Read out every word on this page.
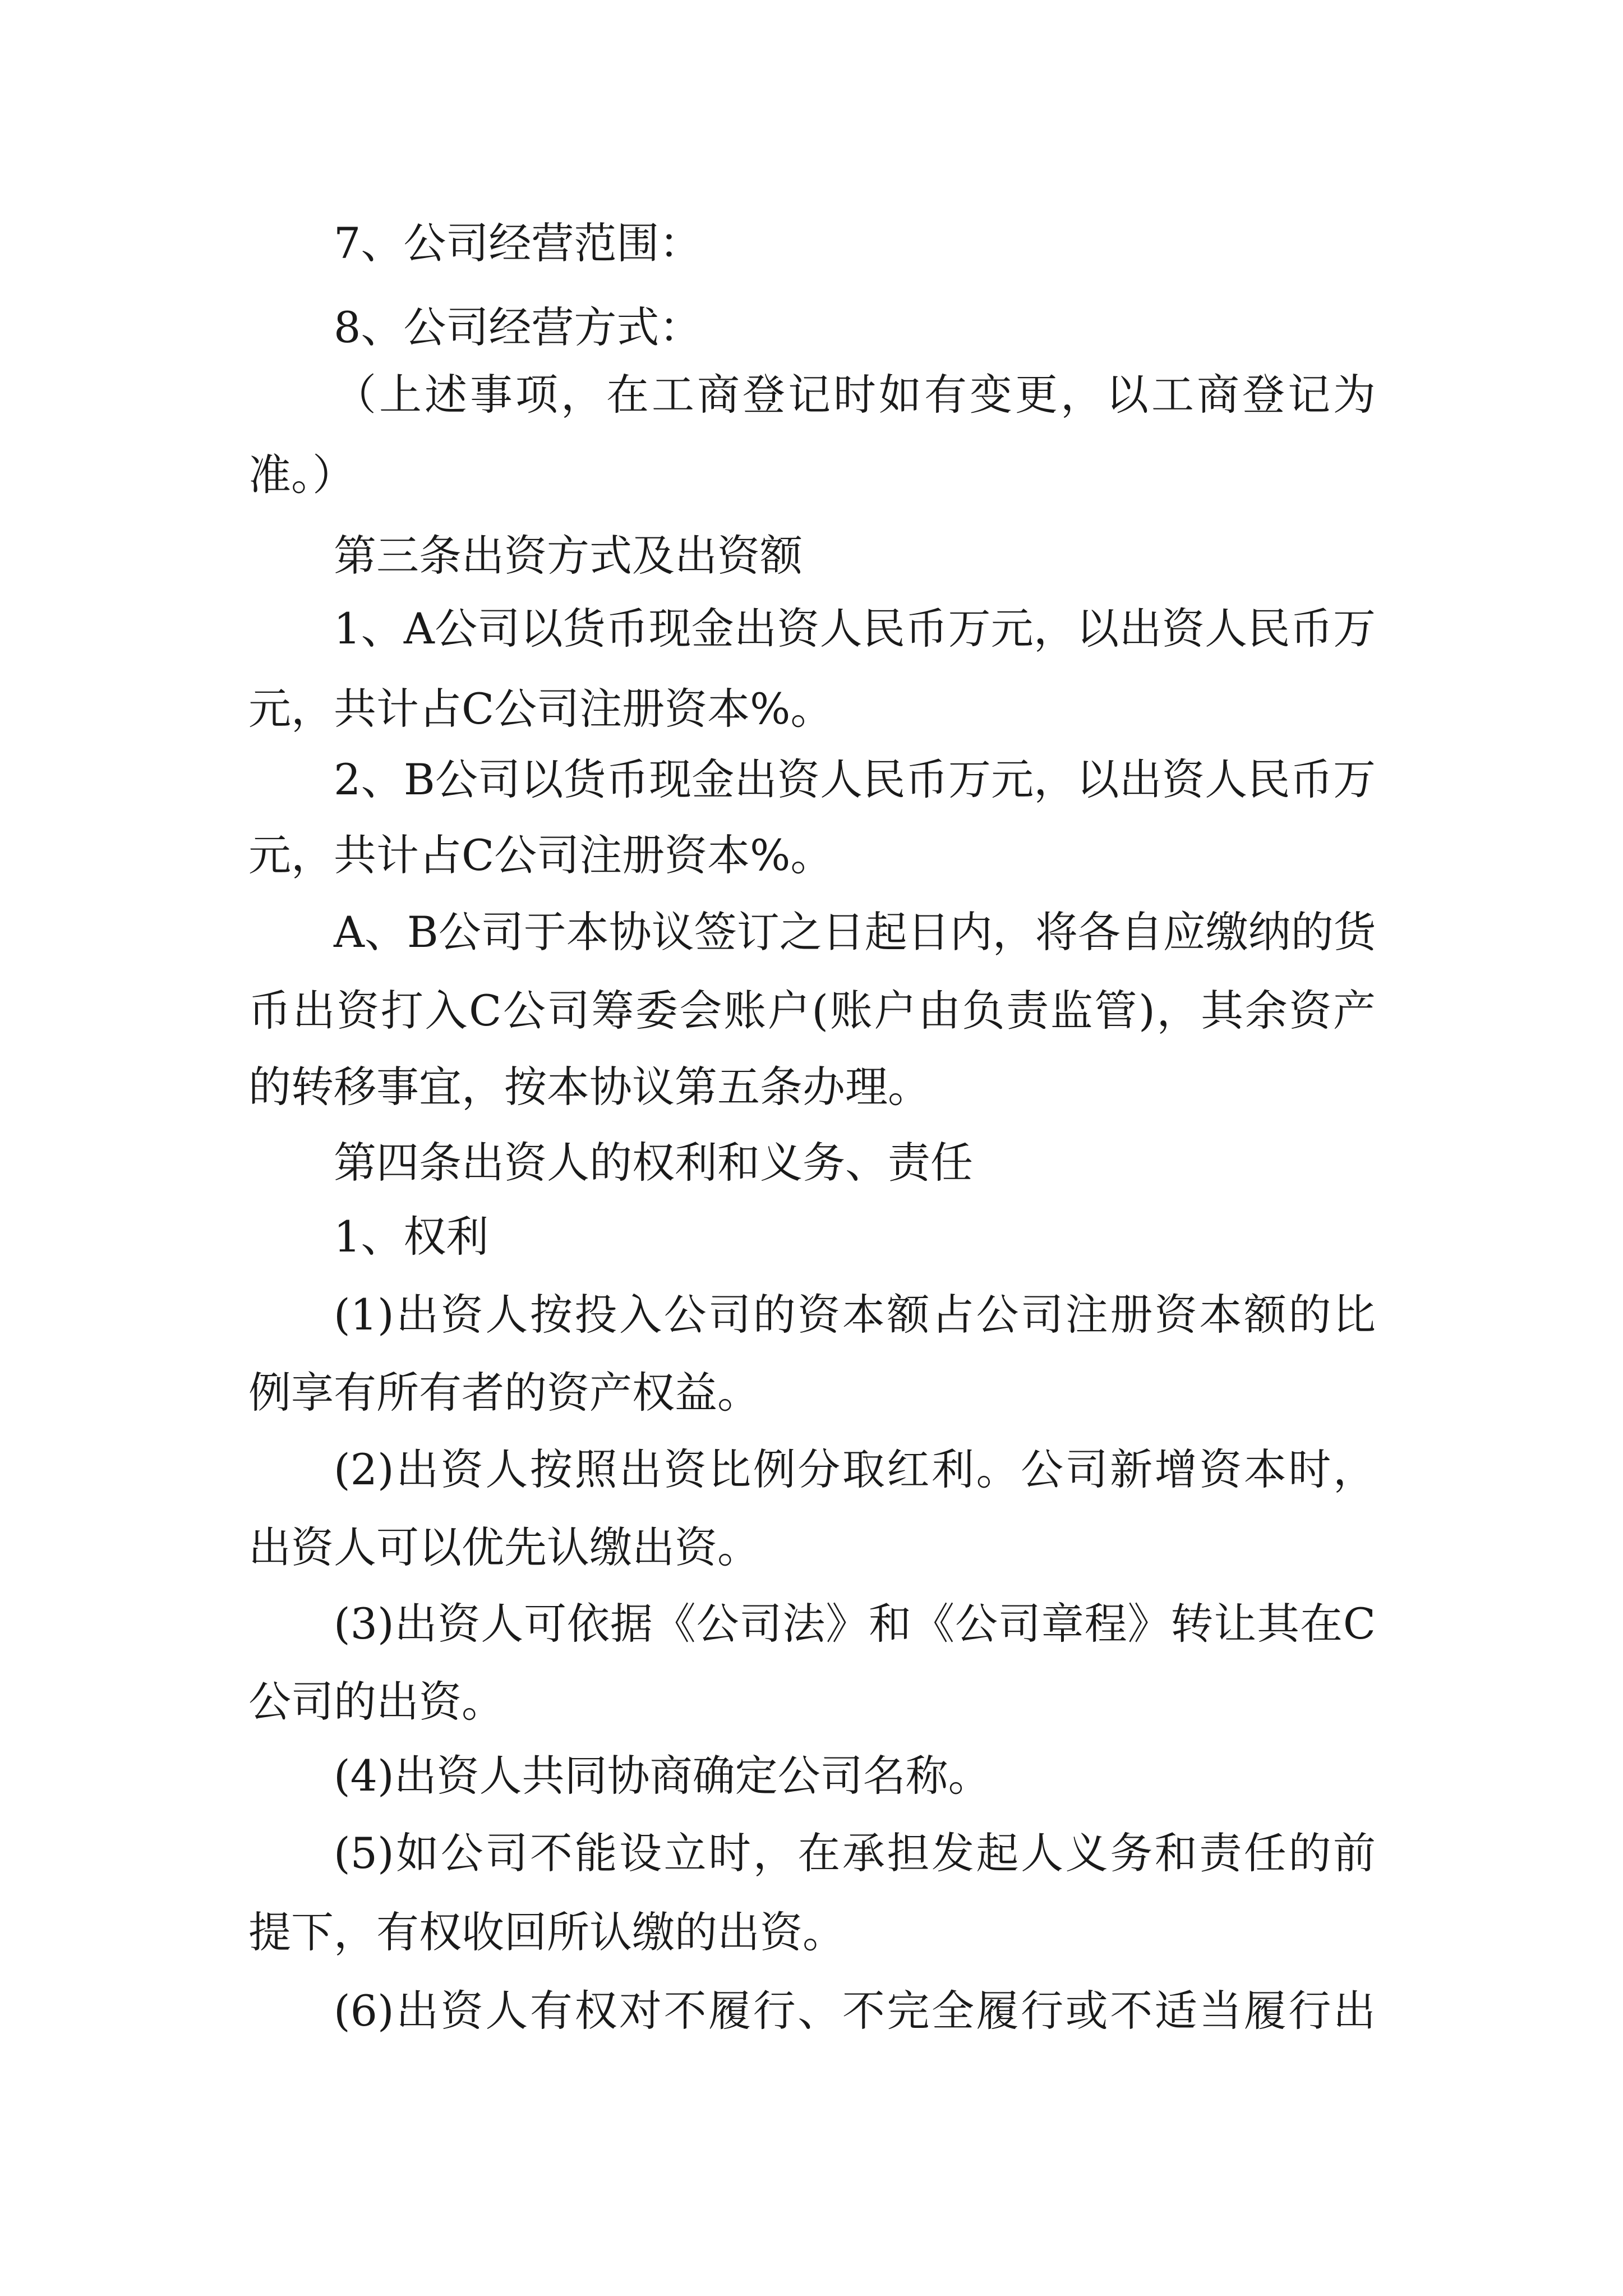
7、公司经营范围：

8、公司经营方式：

（上述事项，在工商登记时如有变更，以工商登记为

准。）

第三条出资方式及出资额

1、A公司以货币现金出资人民币万元，以出资人民币万

元，共计占C公司注册资本%。

2、B公司以货币现金出资人民币万元，以出资人民币万

元，共计占C公司注册资本%。

A、B公司于本协议签订之日起日内，将各自应缴纳的货

币出资打入C公司筹委会账户(账户由负责监管)，其余资产

的转移事宜，按本协议第五条办理。

第四条出资人的权利和义务、责任

1、权利

(1)出资人按投入公司的资本额占公司注册资本额的比

例享有所有者的资产权益。

(2)出资人按照出资比例分取红利。公司新增资本时，

出资人可以优先认缴出资。

(3)出资人可依据《公司法》和《公司章程》转让其在C

公司的出资。

(4)出资人共同协商确定公司名称。

(5)如公司不能设立时，在承担发起人义务和责任的前

提下，有权收回所认缴的出资。

(6)出资人有权对不履行、不完全履行或不适当履行出
